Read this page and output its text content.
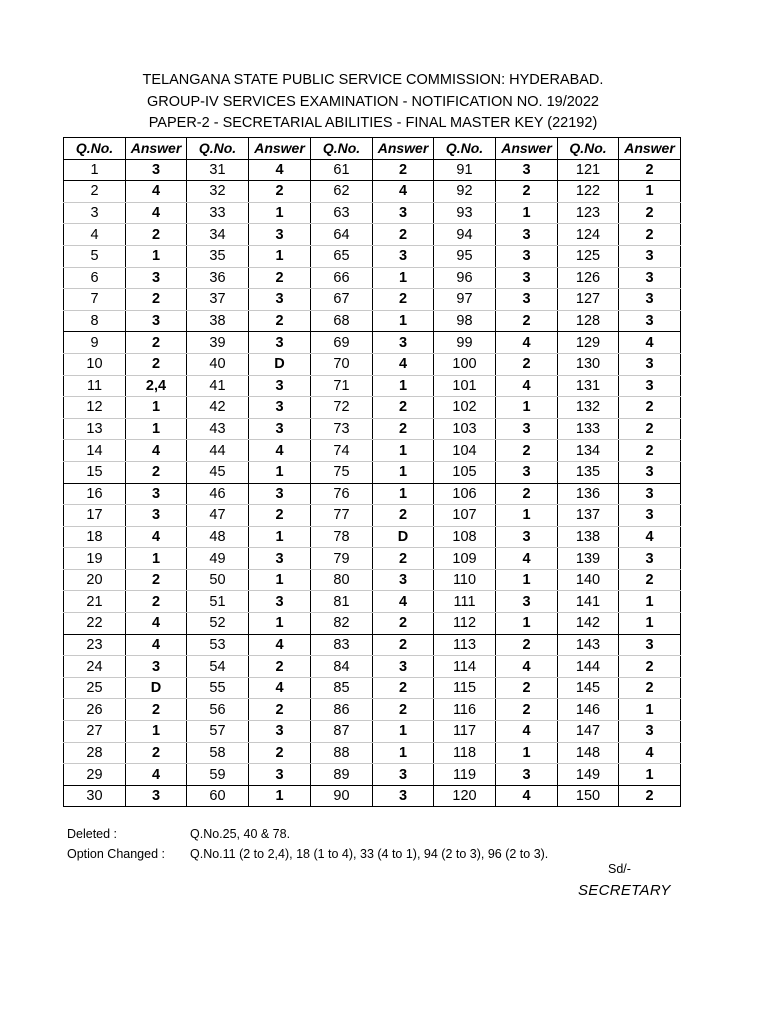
TELANGANA STATE PUBLIC SERVICE COMMISSION: HYDERABAD.
GROUP-IV SERVICES EXAMINATION - NOTIFICATION NO. 19/2022
PAPER-2 - SECRETARIAL ABILITIES - FINAL MASTER KEY (22192)
Q.No.	Answer	Q.No.	Answer	Q.No.	Answer	Q.No.	Answer	Q.No.	Answer
1	3	31	4	61	2	91	3	121	2
2	4	32	2	62	4	92	2	122	1
3	4	33	1	63	3	93	1	123	2
4	2	34	3	64	2	94	3	124	2
5	1	35	1	65	3	95	3	125	3
6	3	36	2	66	1	96	3	126	3
7	2	37	3	67	2	97	3	127	3
8	3	38	2	68	1	98	2	128	3
9	2	39	3	69	3	99	4	129	4
10	2	40	D	70	4	100	2	130	3
11	2,4	41	3	71	1	101	4	131	3
12	1	42	3	72	2	102	1	132	2
13	1	43	3	73	2	103	3	133	2
14	4	44	4	74	1	104	2	134	2
15	2	45	1	75	1	105	3	135	3
16	3	46	3	76	1	106	2	136	3
17	3	47	2	77	2	107	1	137	3
18	4	48	1	78	D	108	3	138	4
19	1	49	3	79	2	109	4	139	3
20	2	50	1	80	3	110	1	140	2
21	2	51	3	81	4	111	3	141	1
22	4	52	1	82	2	112	1	142	1
23	4	53	4	83	2	113	2	143	3
24	3	54	2	84	3	114	4	144	2
25	D	55	4	85	2	115	2	145	2
26	2	56	2	86	2	116	2	146	1
27	1	57	3	87	1	117	4	147	3
28	2	58	2	88	1	118	1	148	4
29	4	59	3	89	3	119	3	149	1
30	3	60	1	90	3	120	4	150	2
Deleted :	Q.No.25, 40 & 78.
Option Changed :	Q.No.11 (2 to 2,4), 18 (1 to 4), 33 (4 to 1), 94 (2 to 3), 96 (2 to 3).
Sd/-
SECRETARY
